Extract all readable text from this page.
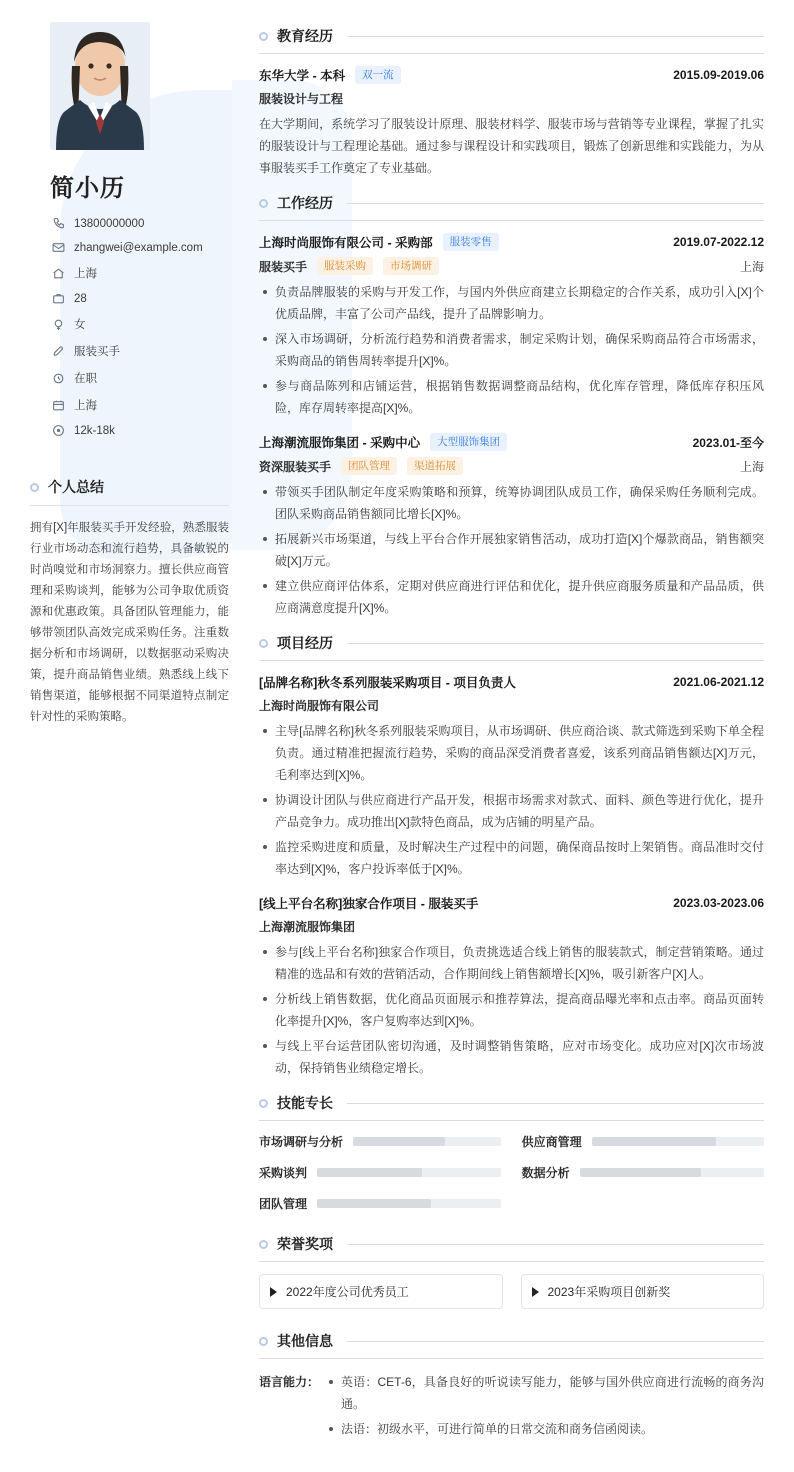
简小历
13800000000
zhangwei@example.com
上海
28
女
服装买手
在职
上海
12k-18k
个人总结
拥有[X]年服装买手开发经验，熟悉服装行业市场动态和流行趋势，具备敏锐的时尚嗅觉和市场洞察力。擅长供应商管理和采购谈判，能够为公司争取优质资源和优惠政策。具备团队管理能力，能够带领团队高效完成采购任务。注重数据分析和市场调研，以数据驱动采购决策，提升商品销售业绩。熟悉线上线下销售渠道，能够根据不同渠道特点制定针对性的采购策略。
教育经历
东华大学 - 本科	双一流	2015.09-2019.06
服装设计与工程
在大学期间，系统学习了服装设计原理、服装材料学、服装市场与营销等专业课程，掌握了扎实的服装设计与工程理论基础。通过参与课程设计和实践项目，锻炼了创新思维和实践能力，为从事服装买手工作奠定了专业基础。
工作经历
上海时尚服饰有限公司 - 采购部	服装零售	2019.07-2022.12
服装买手	服装采购	市场调研	上海
负责品牌服装的采购与开发工作，与国内外供应商建立长期稳定的合作关系，成功引入[X]个优质品牌，丰富了公司产品线，提升了品牌影响力。
深入市场调研，分析流行趋势和消费者需求，制定采购计划，确保采购商品符合市场需求，采购商品的销售周转率提升[X]%。
参与商品陈列和店铺运营，根据销售数据调整商品结构，优化库存管理，降低库存积压风险，库存周转率提高[X]%。
上海潮流服饰集团 - 采购中心	大型服饰集团	2023.01-至今
资深服装买手	团队管理	渠道拓展	上海
带领买手团队制定年度采购策略和预算，统筹协调团队成员工作，确保采购任务顺利完成。团队采购商品销售额同比增长[X]%。
拓展新兴市场渠道，与线上平台合作开展独家销售活动，成功打造[X]个爆款商品，销售额突破[X]万元。
建立供应商评估体系，定期对供应商进行评估和优化，提升供应商服务质量和产品品质，供应商满意度提升[X]%。
项目经历
[品牌名称]秋冬系列服装采购项目 - 项目负责人	2021.06-2021.12
上海时尚服饰有限公司
主导[品牌名称]秋冬系列服装采购项目，从市场调研、供应商洽谈、款式筛选到采购下单全程负责。通过精准把握流行趋势，采购的商品深受消费者喜爱，该系列商品销售额达[X]万元，毛利率达到[X]%。
协调设计团队与供应商进行产品开发，根据市场需求对款式、面料、颜色等进行优化，提升产品竞争力。成功推出[X]款特色商品，成为店铺的明星产品。
监控采购进度和质量，及时解决生产过程中的问题，确保商品按时上架销售。商品准时交付率达到[X]%，客户投诉率低于[X]%。
[线上平台名称]独家合作项目 - 服装买手	2023.03-2023.06
上海潮流服饰集团
参与[线上平台名称]独家合作项目，负责挑选适合线上销售的服装款式，制定营销策略。通过精准的选品和有效的营销活动，合作期间线上销售额增长[X]%，吸引新客户[X]人。
分析线上销售数据，优化商品页面展示和推荐算法，提高商品曝光率和点击率。商品页面转化率提升[X]%，客户复购率达到[X]%。
与线上平台运营团队密切沟通，及时调整销售策略，应对市场变化。成功应对[X]次市场波动，保持销售业绩稳定增长。
技能专长
市场调研与分析	供应商管理
采购谈判	数据分析
团队管理
荣誉奖项
2022年度公司优秀员工	2023年采购项目创新奖
其他信息
语言能力： 英语：CET-6，具备良好的听说读写能力，能够与国外供应商进行流畅的商务沟通。
法语：初级水平，可进行简单的日常交流和商务信函阅读。
